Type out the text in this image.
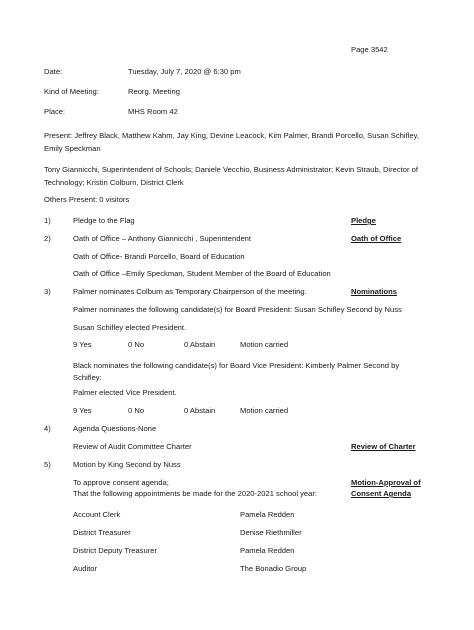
Page 3542
Date:	Tuesday, July 7, 2020 @ 6:30 pm
Kind of Meeting:	Reorg. Meeting
Place:	MHS Room 42
Present: Jeffrey Black, Matthew Kahm, Jay King, Devine Leacock, Kim Palmer, Brandi Porcello, Susan Schifley, Emily Speckman
Tony Giannicchi, Superintendent of Schools; Daniele Vecchio, Business Administrator; Kevin Straub, Director of Technology; Kristin Colburn, District Clerk
Others Present: 0 visitors
1)	Pledge to the Flag	Pledge
2)	Oath of Office – Anthony Giannicchi , Superintendent	Oath of Office
Oath of Office- Brandi Porcello, Board of Education
Oath of Office –Emily Speckman, Student Member of the Board of Education
3)	Palmer nominates Colburn as Temporary Chairperson of the meeting.	Nominations
Palmer nominates the following candidate(s) for Board President: Susan Schifley Second by Nuss
Susan Schifley elected President.
9 Yes	0 No	0 Abstain	Motion carried
Black nominates the following candidate(s) for Board Vice President: Kimberly Palmer Second by Schifley:
Palmer elected Vice President.
9 Yes	0 No	0 Abstain	Motion carried
4)	Agenda Questions-None
Review of Audit Committee Charter	Review of Charter
5)	Motion by King Second by Nuss
To approve consent agenda;
That the following appointments be made for the 2020-2021 school year:
Motion-Approval of
Consent Agenda
Account Clerk	Pamela Redden
District Treasurer	Denise Riethmiller
District Deputy Treasurer	Pamela Redden
Auditor	The Bonadio Group
